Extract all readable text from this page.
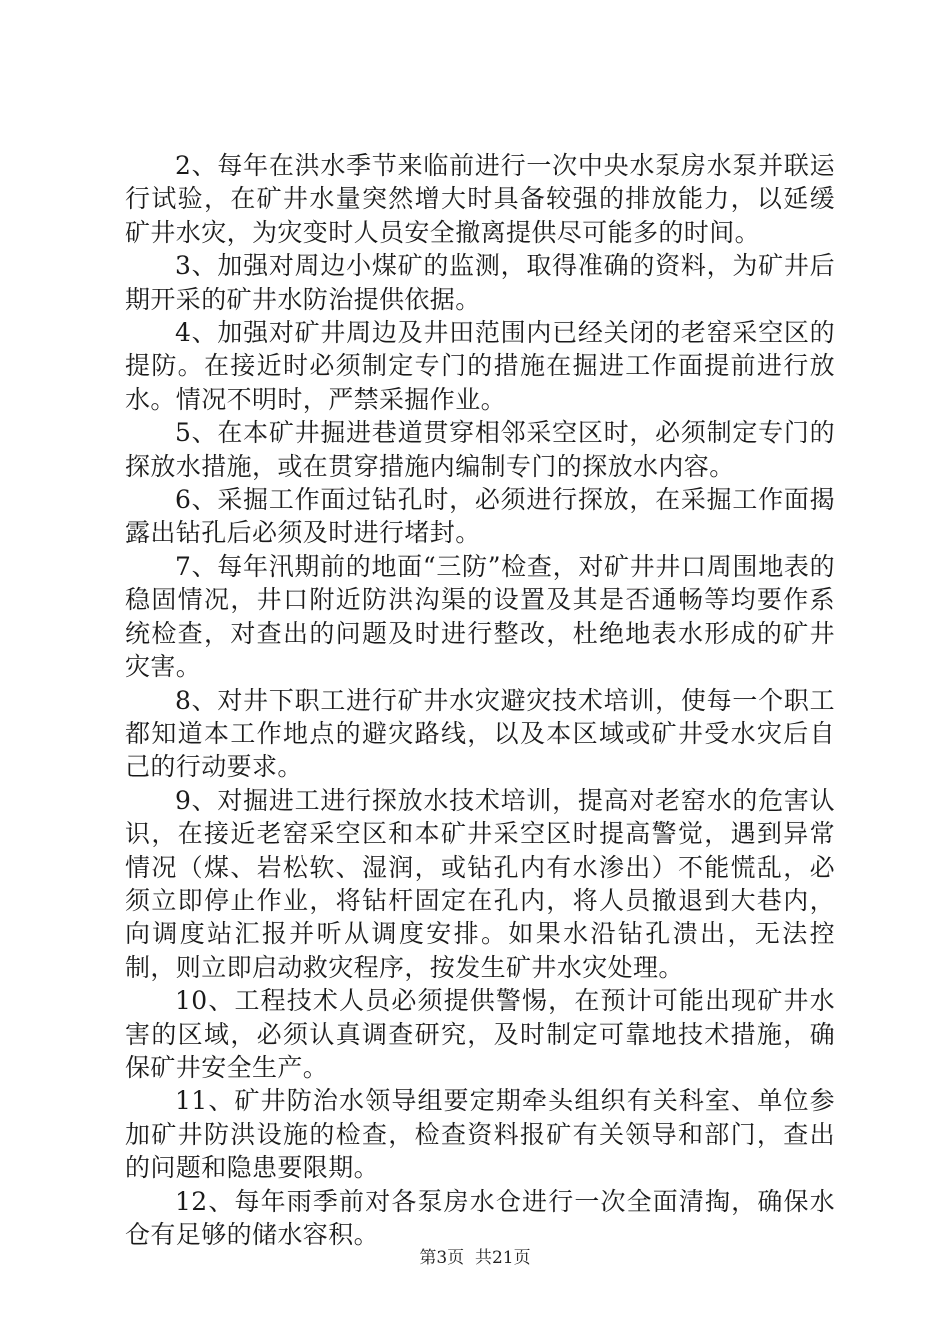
2、每年在洪水季节来临前进行一次中央水泵房水泵并联运行试验，在矿井水量突然增大时具备较强的排放能力，以延缓矿井水灾，为灾变时人员安全撤离提供尽可能多的时间。

3、加强对周边小煤矿的监测，取得准确的资料，为矿井后期开采的矿井水防治提供依据。

4、加强对矿井周边及井田范围内已经关闭的老窑采空区的提防。在接近时必须制定专门的措施在掘进工作面提前进行放水。情况不明时，严禁采掘作业。

5、在本矿井掘进巷道贯穿相邻采空区时，必须制定专门的探放水措施，或在贯穿措施内编制专门的探放水内容。

6、采掘工作面过钻孔时，必须进行探放，在采掘工作面揭露出钻孔后必须及时进行堵封。

7、每年汛期前的地面“三防”检查，对矿井井口周围地表的稳固情况，井口附近防洪沟渠的设置及其是否通畅等均要作系统检查，对查出的问题及时进行整改，杜绝地表水形成的矿井灾害。

8、对井下职工进行矿井水灾避灾技术培训，使每一个职工都知道本工作地点的避灾路线，以及本区域或矿井受水灾后自己的行动要求。

9、对掘进工进行探放水技术培训，提高对老窑水的危害认识，在接近老窑采空区和本矿井采空区时提高警觉，遇到异常情况（煤、岩松软、湿润，或钻孔内有水渗出）不能慌乱，必须立即停止作业，将钻杆固定在孔内，将人员撤退到大巷内，向调度站汇报并听从调度安排。如果水沿钻孔溃出，无法控制，则立即启动救灾程序，按发生矿井水灾处理。

10、工程技术人员必须提供警惕，在预计可能出现矿井水害的区域，必须认真调查研究，及时制定可靠地技术措施，确保矿井安全生产。

11、矿井防治水领导组要定期牵头组织有关科室、单位参加矿井防洪设施的检查，检查资料报矿有关领导和部门，查出的问题和隐患要限期。

12、每年雨季前对各泵房水仓进行一次全面清掏，确保水仓有足够的储水容积。

第3页  共21页
